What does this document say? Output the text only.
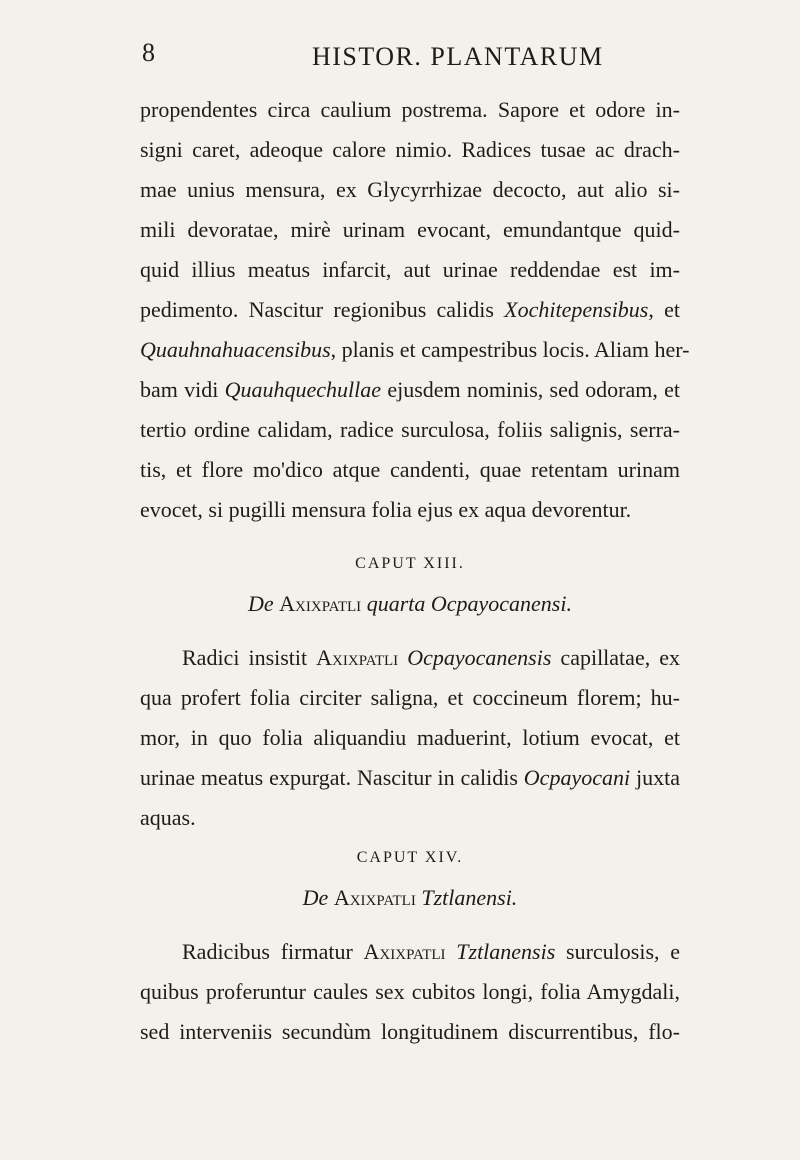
8	HISTOR. PLANTARUM
propendentes circa caulium postrema. Sapore et odore in-
signi caret, adeoque calore nimio. Radices tusae ac drach-
mae unius mensura, ex Glycyrrhizae decocto, aut alio si-
mili devoratae, mirè urinam evocant, emundantque quid-
quid illius meatus infarcit, aut urinae reddendae est im-
pedimento. Nascitur regionibus calidis Xochitepensibus, et
Quauhnahuacensibus, planis et campestribus locis. Aliam her-
bam vidi Quauhquechullae ejusdem nominis, sed odoram, et
tertio ordine calidam, radice surculosa, foliis salignis, serra-
tis, et flore mo'dico atque candenti, quae retentam urinam
evocet, si pugilli mensura folia ejus ex aqua devorentur.
CAPUT XIII.
De Axixpatli quarta Ocpayocanensi.
Radici insistit Axixpatli Ocpayocanensis capillatae, ex
qua profert folia circiter saligna, et coccineum florem; hu-
mor, in quo folia aliquandiu maduerint, lotium evocat, et
urinae meatus expurgat. Nascitur in calidis Ocpayocani juxta
aquas.
CAPUT XIV.
De Axixpatli Tztlanensi.
Radicibus firmatur Axixpatli Tztlanensis surculosis, e
quibus proferuntur caules sex cubitos longi, folia Amygdali,
sed interveniis secundùm longitudinem discurrentibus, flo-
